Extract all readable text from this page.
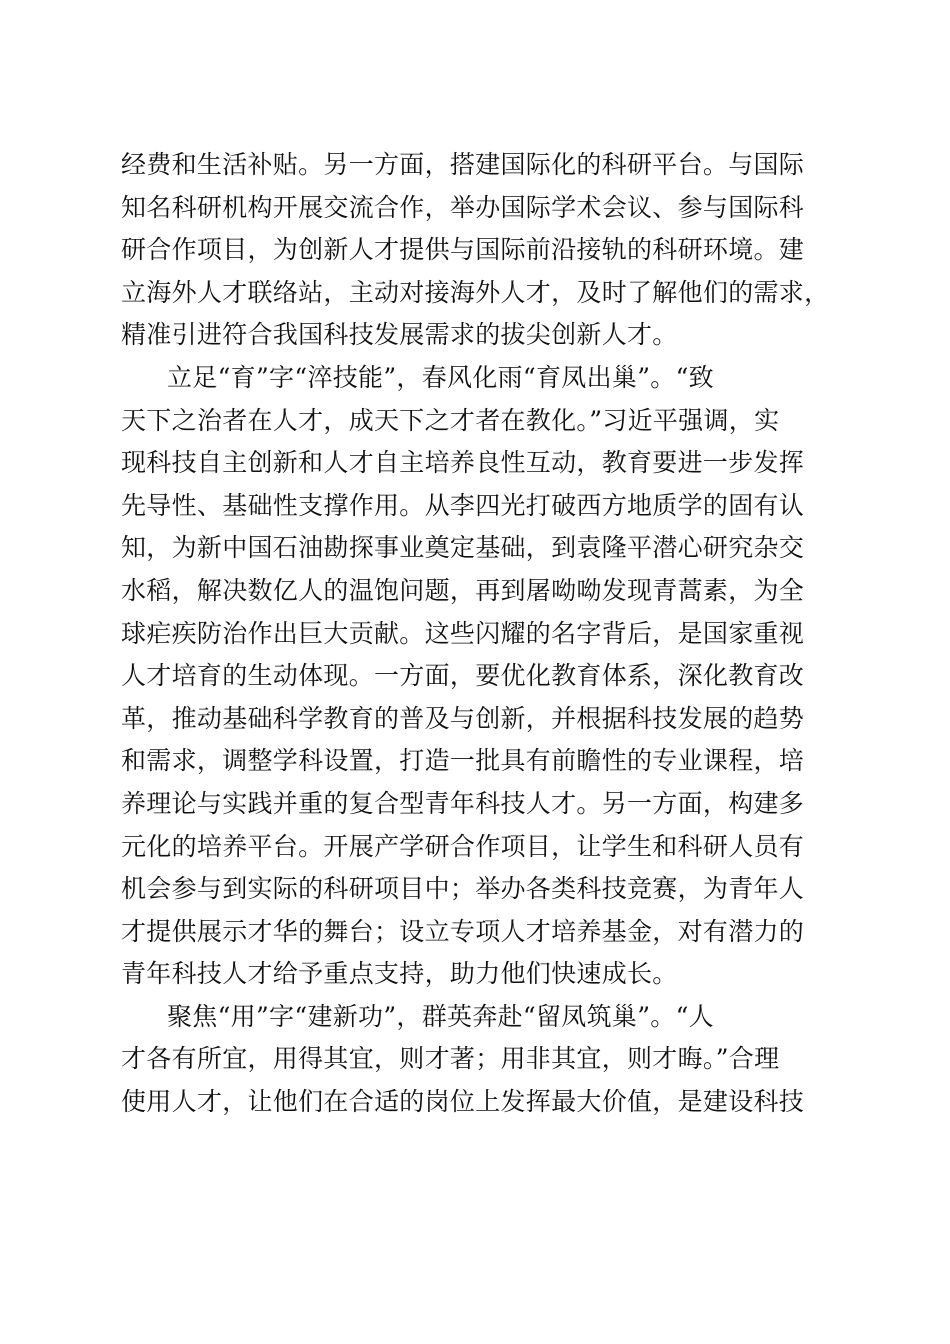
经费和生活补贴。另一方面，搭建国际化的科研平台。与国际
知名科研机构开展交流合作，举办国际学术会议、参与国际科
研合作项目，为创新人才提供与国际前沿接轨的科研环境。建
立海外人才联络站，主动对接海外人才，及时了解他们的需求，
精准引进符合我国科技发展需求的拔尖创新人才。
立足“育”字“淬技能”，春风化雨“育凤出巢”。“致
天下之治者在人才，成天下之才者在教化。”习近平强调，实
现科技自主创新和人才自主培养良性互动，教育要进一步发挥
先导性、基础性支撑作用。从李四光打破西方地质学的固有认
知，为新中国石油勘探事业奠定基础，到袁隆平潜心研究杂交
水稻，解决数亿人的温饱问题，再到屠呦呦发现青蒿素，为全
球疟疾防治作出巨大贡献。这些闪耀的名字背后，是国家重视
人才培育的生动体现。一方面，要优化教育体系，深化教育改
革，推动基础科学教育的普及与创新，并根据科技发展的趋势
和需求，调整学科设置，打造一批具有前瞻性的专业课程，培
养理论与实践并重的复合型青年科技人才。另一方面，构建多
元化的培养平台。开展产学研合作项目，让学生和科研人员有
机会参与到实际的科研项目中；举办各类科技竞赛，为青年人
才提供展示才华的舞台；设立专项人才培养基金，对有潜力的
青年科技人才给予重点支持，助力他们快速成长。
聚焦“用”字“建新功”，群英奔赴“留凤筑巢”。“人
才各有所宜，用得其宜，则才著；用非其宜，则才晦。”合理
使用人才，让他们在合适的岗位上发挥最大价值，是建设科技
